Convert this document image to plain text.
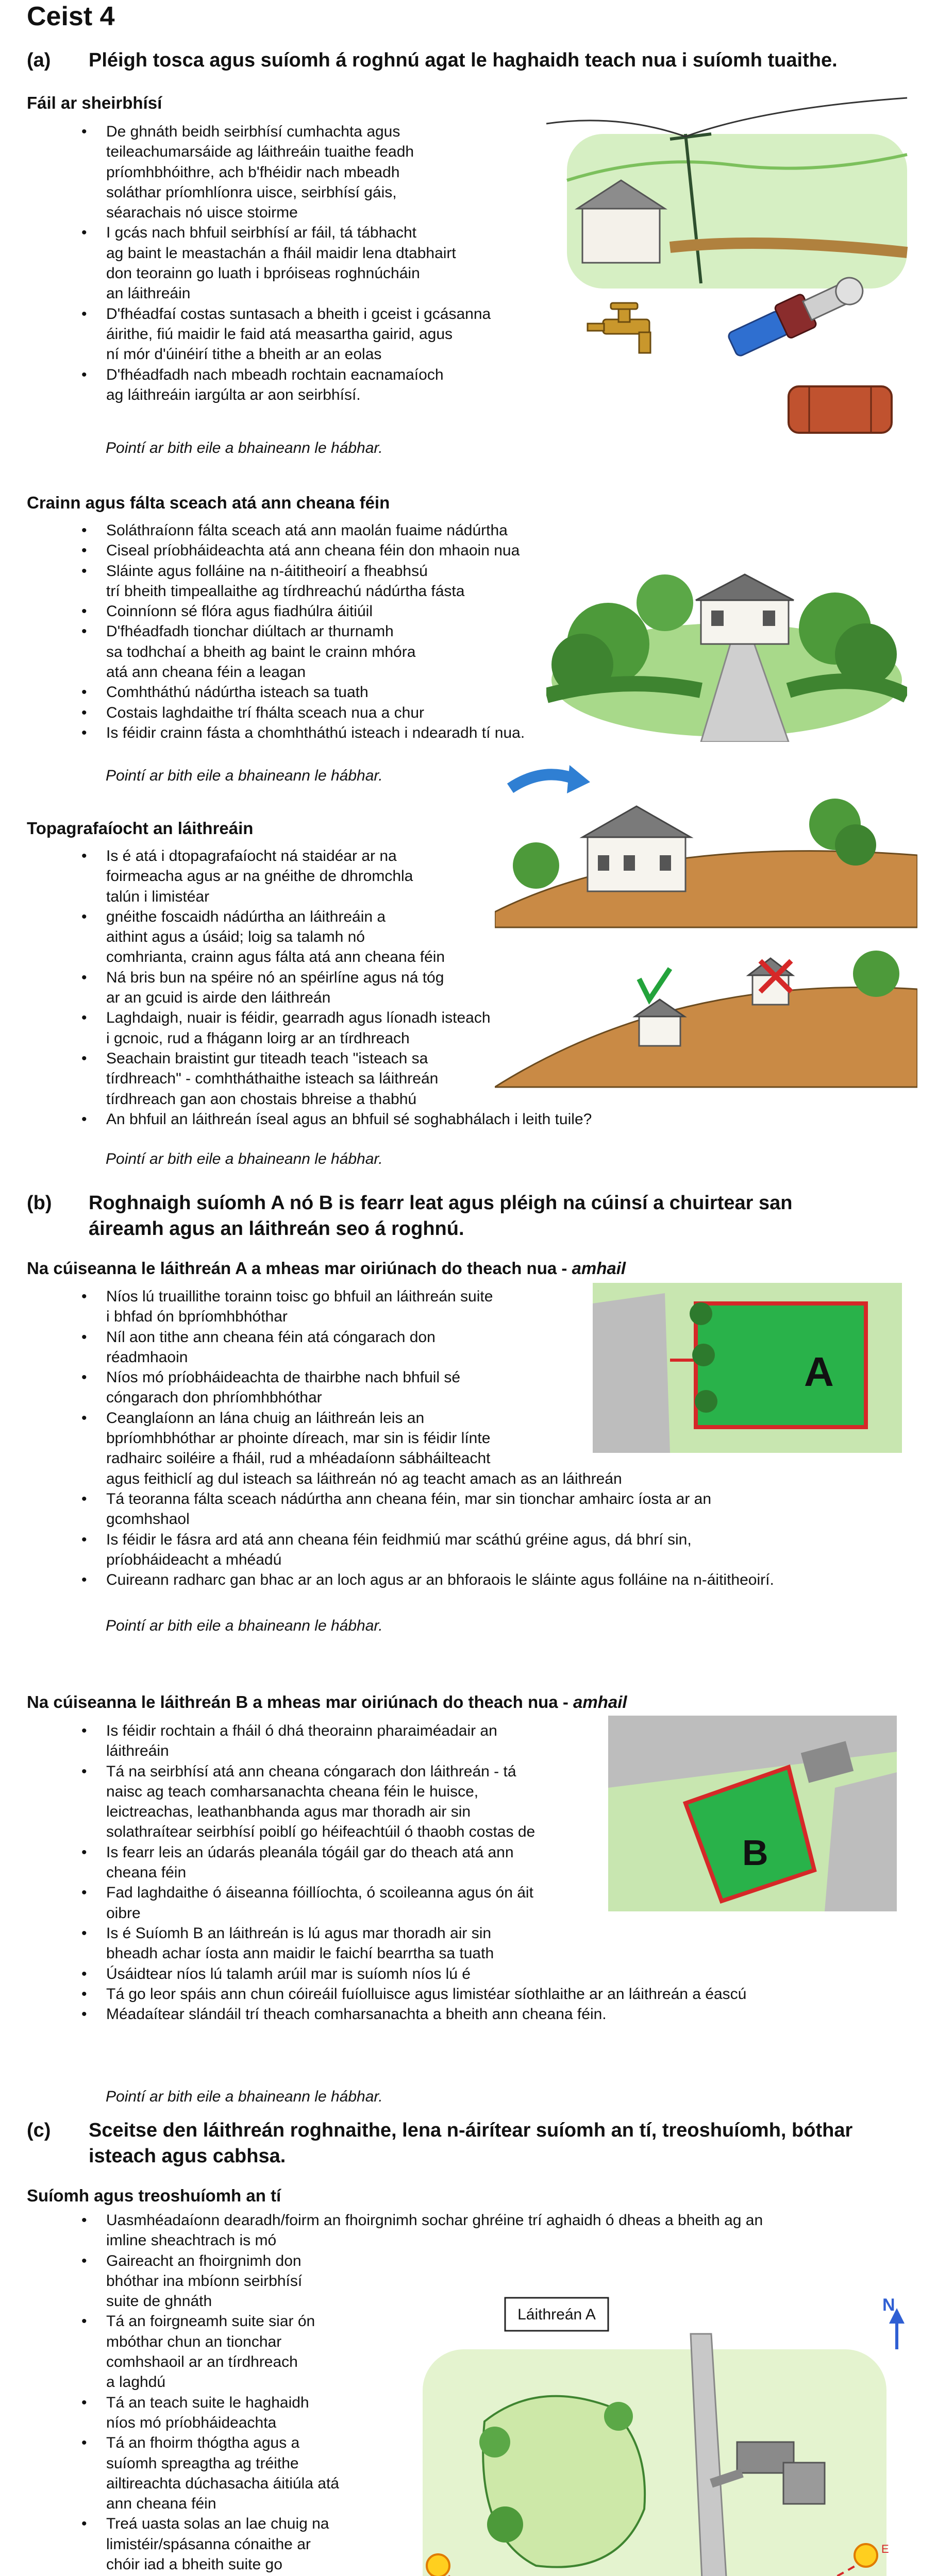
Ceist 4
(a) Pléigh tosca agus suíomh á roghnú agat le haghaidh teach nua i suíomh tuaithe.
Fáil ar sheirbhísí
• De ghnáth beidh seirbhísí cumhachta agus
teileachumarsáide ag láithreáin tuaithe feadh
príomhbhóithre, ach b'fhéidir nach mbeadh
soláthar príomhlíonra uisce, seirbhísí gáis,
séarachais nó uisce stoirme
• I gcás nach bhfuil seirbhísí ar fáil, tá tábhacht
ag baint le meastachán a fháil maidir lena dtabhairt
don teorainn go luath i bpróiseas roghnúcháin
an láithreáin
• D'fhéadfaí costas suntasach a bheith i gceist i gcásanna
áirithe, fiú maidir le faid atá measartha gairid, agus
ní mór d'úinéirí tithe a bheith ar an eolas
• D'fhéadfadh nach mbeadh rochtain eacnamaíoch
ag láithreáin iargúlta ar aon seirbhísí.
Pointí ar bith eile a bhaineann le hábhar.
Crainn agus fálta sceach atá ann cheana féin
• Soláthraíonn fálta sceach atá ann maolán fuaime nádúrtha
• Ciseal príobháideachta atá ann cheana féin don mhaoin nua
• Sláinte agus folláine na n-áititheoirí a fheabhsú
trí bheith timpeallaithe ag tírdhreachú nádúrtha fásta
• Coinníonn sé flóra agus fiadhúlra áitiúil
• D'fhéadfadh tionchar diúltach ar thurnamh
sa todhchaí a bheith ag baint le crainn mhóra
atá ann cheana féin a leagan
• Comhtháthú nádúrtha isteach sa tuath
• Costais laghdaithe trí fhálta sceach nua a chur
• Is féidir crainn fásta a chomhtháthú isteach i ndearadh tí nua.
Pointí ar bith eile a bhaineann le hábhar.
Topagrafaíocht an láithreáin
• Is é atá i dtopagrafaíocht ná staidéar ar na
foirmeacha agus ar na gnéithe de dhromchla
talún i limistéar
• gnéithe foscaidh nádúrtha an láithreáin a
aithint agus a úsáid; loig sa talamh nó
comhrianta, crainn agus fálta atá ann cheana féin
• Ná bris bun na spéire nó an spéirlíne agus ná tóg
ar an gcuid is airde den láithreán
• Laghdaigh, nuair is féidir, gearradh agus líonadh isteach
i gcnoic, rud a fhágann loirg ar an tírdhreach
• Seachain braistint gur titeadh teach "isteach sa
tírdhreach" - comhtháthaithe isteach sa láithreán
tírdhreach gan aon chostais bhreise a thabhú
• An bhfuil an láithreán íseal agus an bhfuil sé soghabhálach i leith tuile?
Pointí ar bith eile a bhaineann le hábhar.
(b) Roghnaigh suíomh A nó B is fearr leat agus pléigh na cúinsí a chuirtear san áireamh agus an láithreán seo á roghnú.
Na cúiseanna le láithreán A a mheas mar oiriúnach do theach nua - amhail
• Níos lú truaillithe torainn toisc go bhfuil an láithreán suite
i bhfad ón bpríomhbhóthar
• Níl aon tithe ann cheana féin atá cóngarach don
réadmhaoin
• Níos mó príobháideachta de thairbhe nach bhfuil sé
cóngarach don phríomhbhóthar
• Ceanglaíonn an lána chuig an láithreán leis an
bpríomhbhóthar ar phointe díreach, mar sin is féidir línte
radhairc soiléire a fháil, rud a mhéadaíonn sábháilteacht
agus feithiclí ag dul isteach sa láithreán nó ag teacht amach as an láithreán
• Tá teoranna fálta sceach nádúrtha ann cheana féin, mar sin tionchar amhairc íosta ar an
gcomhshaol
• Is féidir le fásra ard atá ann cheana féin feidhmiú mar scáthú gréine agus, dá bhrí sin,
príobháideacht a mhéadú
• Cuireann radharc gan bhac ar an loch agus ar an bhforaois le sláinte agus folláine na n-áititheoirí.
Pointí ar bith eile a bhaineann le hábhar.
A
Na cúiseanna le láithreán B a mheas mar oiriúnach do theach nua - amhail
• Is féidir rochtain a fháil ó dhá theorainn pharaiméadair an
láithreáin
• Tá na seirbhísí atá ann cheana cóngarach don láithreán - tá
naisc ag teach comharsanachta cheana féin le huisce,
leictreachas, leathanbhanda agus mar thoradh air sin
solathraítear seirbhísí poiblí go héifeachtúil ó thaobh costas de
• Is fearr leis an údarás pleanála tógáil gar do theach atá ann
cheana féin
• Fad laghdaithe ó áiseanna fóillíochta, ó scoileanna agus ón áit
oibre
• Is é Suíomh B an láithreán is lú agus mar thoradh air sin
bheadh achar íosta ann maidir le faichí bearrtha sa tuath
• Úsáidtear níos lú talamh arúil mar is suíomh níos lú é
• Tá go leor spáis ann chun cóireáil fuíolluisce agus limistéar síothlaithe ar an láithreán a éascú
• Méadaítear slándáil trí theach comharsanachta a bheith ann cheana féin.
Pointí ar bith eile a bhaineann le hábhar.
B
(c) Sceitse den láithreán roghnaithe, lena n-áirítear suíomh an tí, treoshuíomh, bóthar isteach agus cabhsa.
Suíomh agus treoshuíomh an tí
• Uasmhéadaíonn dearadh/foirm an fhoirgnimh sochar ghréine trí aghaidh ó dheas a bheith ag an
imline sheachtrach is mó
• Gaireacht an fhoirgnimh don
bhóthar ina mbíonn seirbhísí
suite de ghnáth
• Tá an foirgneamh suite siar ón
mbóthar chun an tionchar
comhshaoil ar an tírdhreach
a laghdú
• Tá an teach suite le haghaidh
níos mó príobháideachta
• Tá an fhoirm thógtha agus a
suíomh spreagtha ag tréithe
ailtireachta dúchasacha áitiúla atá
ann cheana féin
• Treá uasta solas an lae chuig na
limistéir/spásanna cónaithe ar
chóir iad a bheith suite go

Láithreán A	N
E
